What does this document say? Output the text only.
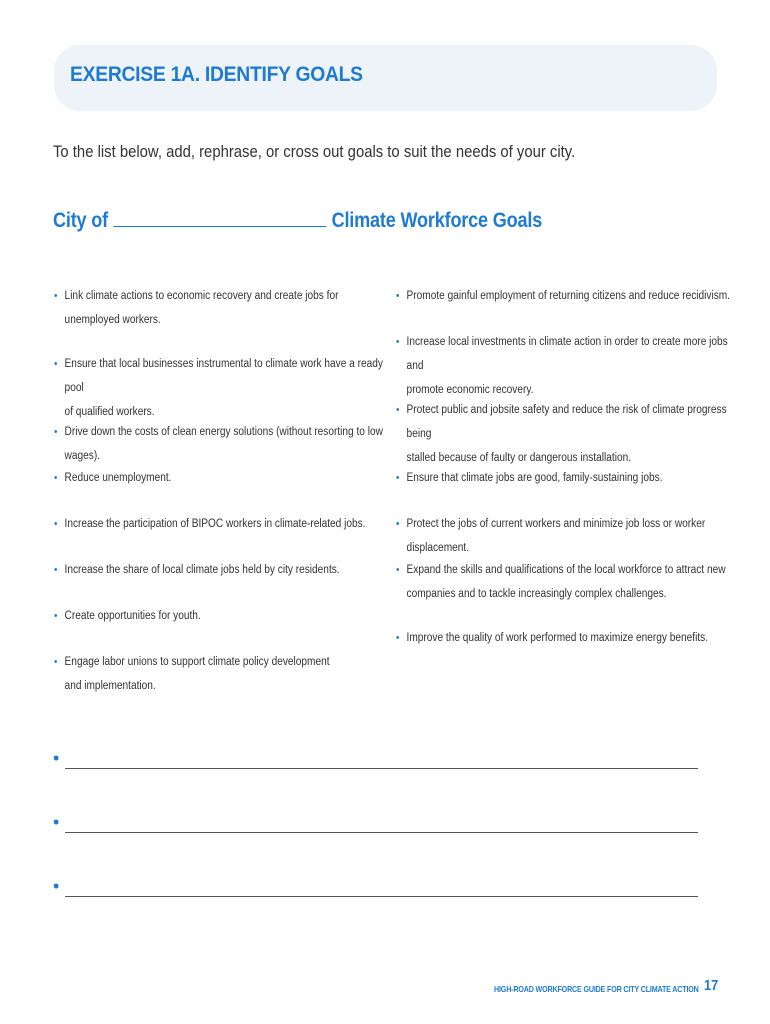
EXERCISE 1A. IDENTIFY GOALS
To the list below, add, rephrase, or cross out goals to suit the needs of your city.
City of	Climate Workforce Goals
• Link climate actions to economic recovery and create jobs for
unemployed workers.
• Ensure that local businesses instrumental to climate work have a ready pool
of qualified workers.
• Drive down the costs of clean energy solutions (without resorting to low wages).
• Reduce unemployment.
• Increase the participation of BIPOC workers in climate-related jobs.
• Increase the share of local climate jobs held by city residents.
• Create opportunities for youth.
• Engage labor unions to support climate policy development
and implementation.
• Promote gainful employment of returning citizens and reduce recidivism.
• Increase local investments in climate action in order to create more jobs and
promote economic recovery.
• Protect public and jobsite safety and reduce the risk of climate progress being
stalled because of faulty or dangerous installation.
• Ensure that climate jobs are good, family-sustaining jobs.
• Protect the jobs of current workers and minimize job loss or worker displacement.
• Expand the skills and qualifications of the local workforce to attract new
companies and to tackle increasingly complex challenges.
• Improve the quality of work performed to maximize energy benefits.
•
•
•
HIGH-ROAD WORKFORCE GUIDE FOR CITY CLIMATE ACTION 17
